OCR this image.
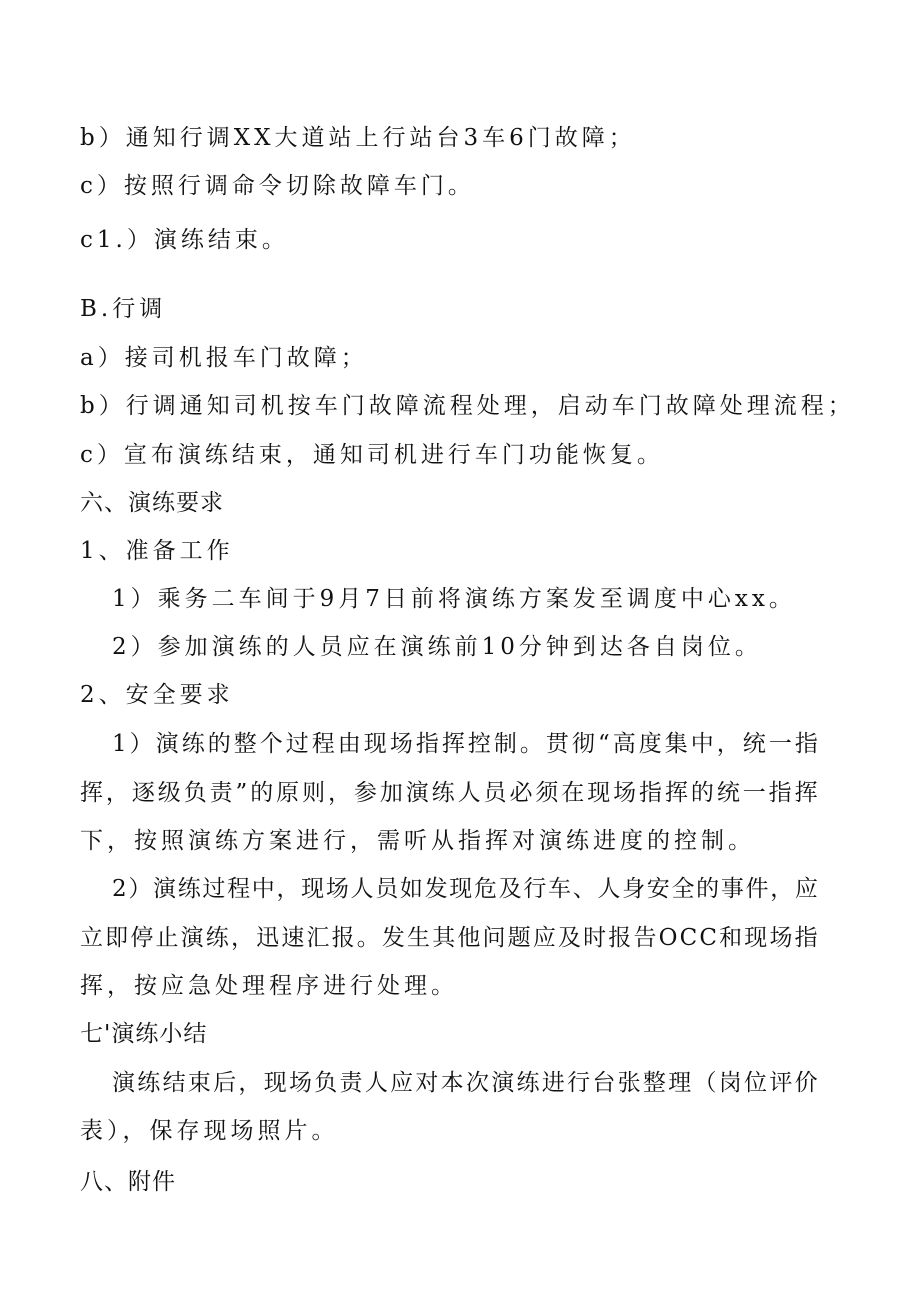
b）通知行调XX大道站上行站台3车6门故障；
c）按照行调命令切除故障车门。
c1.）演练结束。
B.行调
a）接司机报车门故障；
b）行调通知司机按车门故障流程处理，启动车门故障处理流程；
c）宣布演练结束，通知司机进行车门功能恢复。
六、演练要求
1、准备工作
1）乘务二车间于9月7日前将演练方案发至调度中心xx。
2）参加演练的人员应在演练前10分钟到达各自岗位。
2、安全要求
1 ） 演 练 的 整 个 过 程 由 现 场 指 挥 控 制 。 贯 彻 “ 高 度 集 中 ， 统 一 指
挥 ， 逐 级 负 责 ” 的 原 则 ， 参 加 演 练 人 员 必 须 在 现 场 指 挥 的 统 一 指 挥
下，按照演练方案进行，需听从指挥对演练进度的控制。
2 ） 演 练 过 程 中 ， 现 场 人 员 如 发 现 危 及 行 车 、 人 身 安 全 的 事 件 ， 应
立 即 停 止 演 练 ， 迅 速 汇 报 。 发 生 其 他 问 题 应 及 时 报 告 O C C 和 现 场 指
挥，按应急处理程序进行处理。
七'演练小结
演 练 结 束 后 ， 现 场 负 责 人 应 对 本 次 演 练 进 行 台 张 整 理 （ 岗 位 评 价
表），保存现场照片。
八、附件
